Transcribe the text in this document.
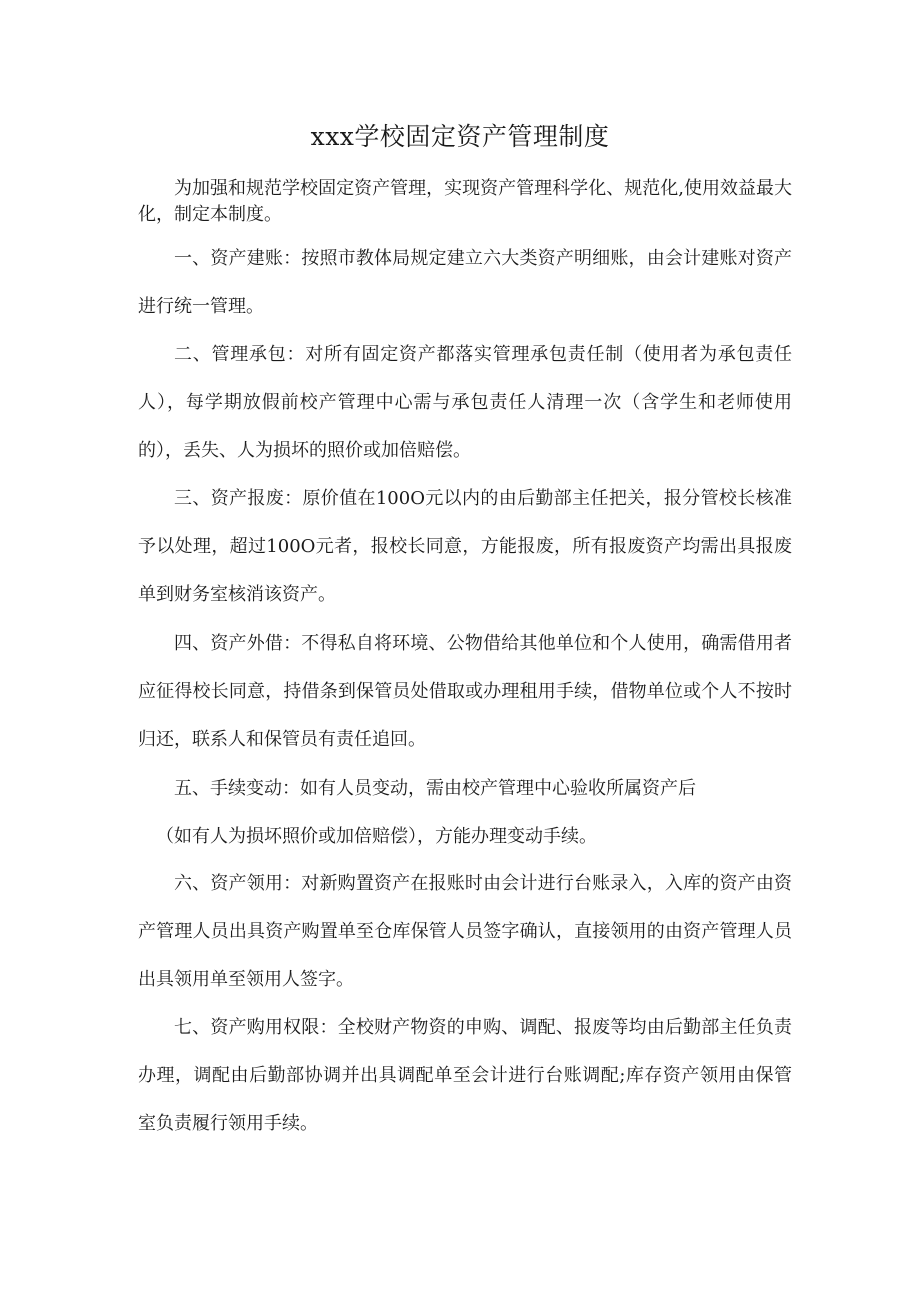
xxx学校固定资产管理制度

为加强和规范学校固定资产管理，实现资产管理科学化、规范化,使用效益最大化，制定本制度。

一、资产建账：按照市教体局规定建立六大类资产明细账，由会计建账对资产进行统一管理。

二、管理承包：对所有固定资产都落实管理承包责任制（使用者为承包责任人），每学期放假前校产管理中心需与承包责任人清理一次（含学生和老师使用的），丢失、人为损坏的照价或加倍赔偿。

三、资产报废：原价值在100O元以内的由后勤部主任把关，报分管校长核准予以处理，超过100O元者，报校长同意，方能报废，所有报废资产均需出具报废单到财务室核消该资产。

四、资产外借：不得私自将环境、公物借给其他单位和个人使用，确需借用者应征得校长同意，持借条到保管员处借取或办理租用手续，借物单位或个人不按时归还，联系人和保管员有责任追回。

五、手续变动：如有人员变动，需由校产管理中心验收所属资产后
（如有人为损坏照价或加倍赔偿），方能办理变动手续。

六、资产领用：对新购置资产在报账时由会计进行台账录入，入库的资产由资产管理人员出具资产购置单至仓库保管人员签字确认，直接领用的由资产管理人员出具领用单至领用人签字。

七、资产购用权限：全校财产物资的申购、调配、报废等均由后勤部主任负责办理，调配由后勤部协调并出具调配单至会计进行台账调配;库存资产领用由保管室负责履行领用手续。
